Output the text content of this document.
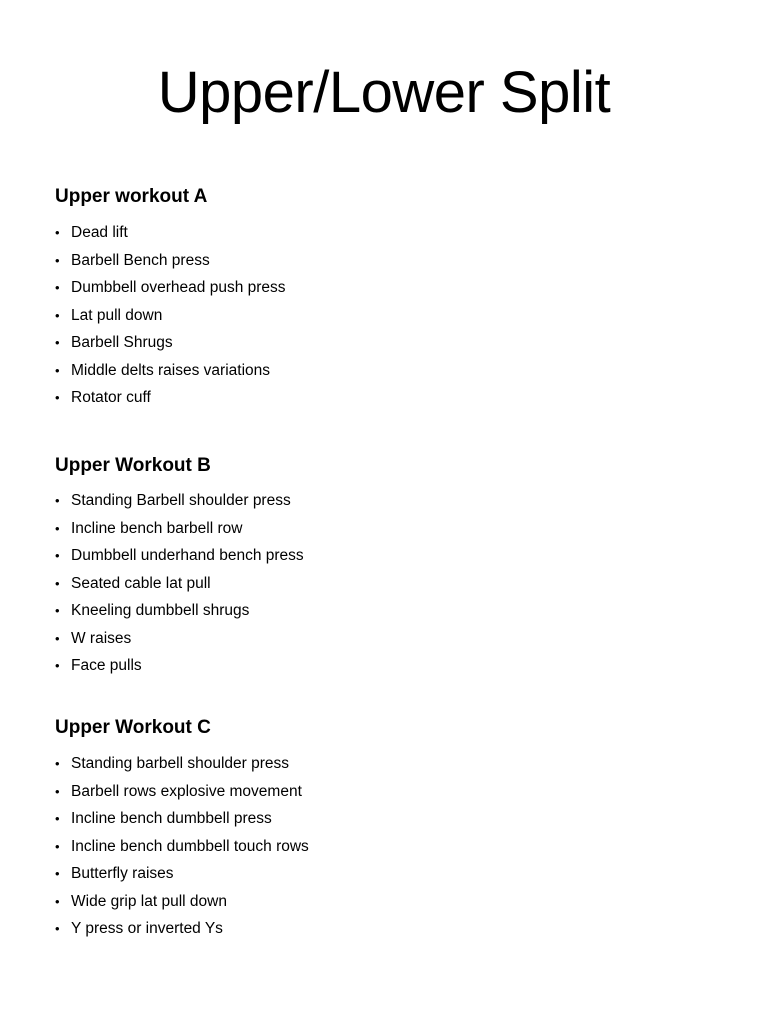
Upper/Lower Split
Upper workout A
• Dead lift
• Barbell Bench press
• Dumbbell overhead push press
• Lat pull down
• Barbell Shrugs
• Middle delts raises variations
• Rotator cuff
Upper Workout B
• Standing Barbell shoulder press
• Incline bench barbell row
• Dumbbell underhand bench press
• Seated cable lat pull
• Kneeling dumbbell shrugs
• W raises
• Face pulls
Upper Workout C
• Standing barbell shoulder press
• Barbell rows explosive movement
• Incline bench dumbbell press
• Incline bench dumbbell touch rows
• Butterfly raises
• Wide grip lat pull down
• Y press or inverted Ys
